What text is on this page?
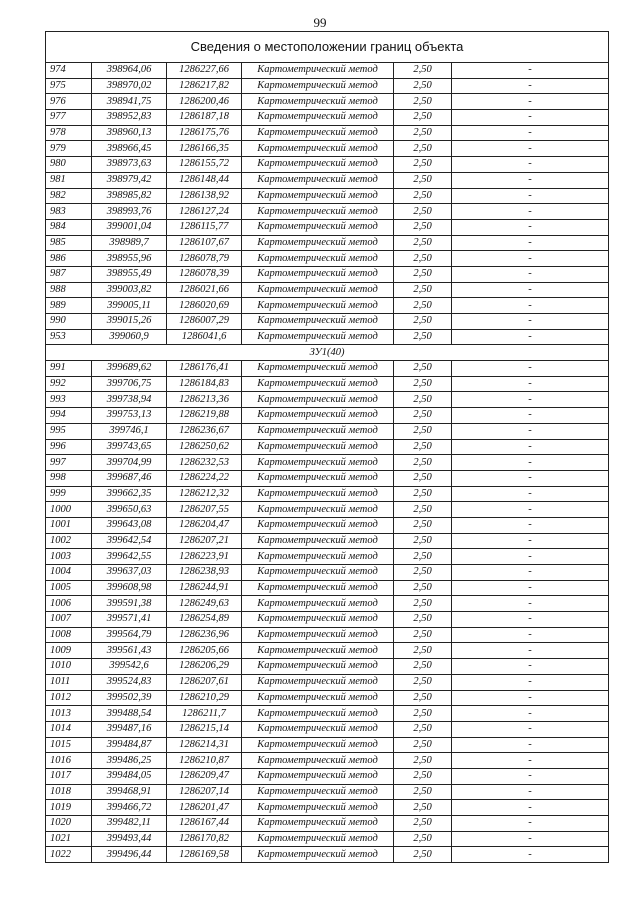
99
Сведения о местоположении границ объекта					
974	398964,06	1286227,66	Картометрический метод	2,50	-
975	398970,02	1286217,82	Картометрический метод	2,50	-
976	398941,75	1286200,46	Картометрический метод	2,50	-
977	398952,83	1286187,18	Картометрический метод	2,50	-
978	398960,13	1286175,76	Картометрический метод	2,50	-
979	398966,45	1286166,35	Картометрический метод	2,50	-
980	398973,63	1286155,72	Картометрический метод	2,50	-
981	398979,42	1286148,44	Картометрический метод	2,50	-
982	398985,82	1286138,92	Картометрический метод	2,50	-
983	398993,76	1286127,24	Картометрический метод	2,50	-
984	399001,04	1286115,77	Картометрический метод	2,50	-
985	398989,7	1286107,67	Картометрический метод	2,50	-
986	398955,96	1286078,79	Картометрический метод	2,50	-
987	398955,49	1286078,39	Картометрический метод	2,50	-
988	399003,82	1286021,66	Картометрический метод	2,50	-
989	399005,11	1286020,69	Картометрический метод	2,50	-
990	399015,26	1286007,29	Картометрический метод	2,50	-
953	399060,9	1286041,6	Картометрический метод	2,50	-
ЗУ1(40)					
991	399689,62	1286176,41	Картометрический метод	2,50	-
992	399706,75	1286184,83	Картометрический метод	2,50	-
993	399738,94	1286213,36	Картометрический метод	2,50	-
994	399753,13	1286219,88	Картометрический метод	2,50	-
995	399746,1	1286236,67	Картометрический метод	2,50	-
996	399743,65	1286250,62	Картометрический метод	2,50	-
997	399704,99	1286232,53	Картометрический метод	2,50	-
998	399687,46	1286224,22	Картометрический метод	2,50	-
999	399662,35	1286212,32	Картометрический метод	2,50	-
1000	399650,63	1286207,55	Картометрический метод	2,50	-
1001	399643,08	1286204,47	Картометрический метод	2,50	-
1002	399642,54	1286207,21	Картометрический метод	2,50	-
1003	399642,55	1286223,91	Картометрический метод	2,50	-
1004	399637,03	1286238,93	Картометрический метод	2,50	-
1005	399608,98	1286244,91	Картометрический метод	2,50	-
1006	399591,38	1286249,63	Картометрический метод	2,50	-
1007	399571,41	1286254,89	Картометрический метод	2,50	-
1008	399564,79	1286236,96	Картометрический метод	2,50	-
1009	399561,43	1286205,66	Картометрический метод	2,50	-
1010	399542,6	1286206,29	Картометрический метод	2,50	-
1011	399524,83	1286207,61	Картометрический метод	2,50	-
1012	399502,39	1286210,29	Картометрический метод	2,50	-
1013	399488,54	1286211,7	Картометрический метод	2,50	-
1014	399487,16	1286215,14	Картометрический метод	2,50	-
1015	399484,87	1286214,31	Картометрический метод	2,50	-
1016	399486,25	1286210,87	Картометрический метод	2,50	-
1017	399484,05	1286209,47	Картометрический метод	2,50	-
1018	399468,91	1286207,14	Картометрический метод	2,50	-
1019	399466,72	1286201,47	Картометрический метод	2,50	-
1020	399482,11	1286167,44	Картометрический метод	2,50	-
1021	399493,44	1286170,82	Картометрический метод	2,50	-
1022	399496,44	1286169,58	Картометрический метод	2,50	-
